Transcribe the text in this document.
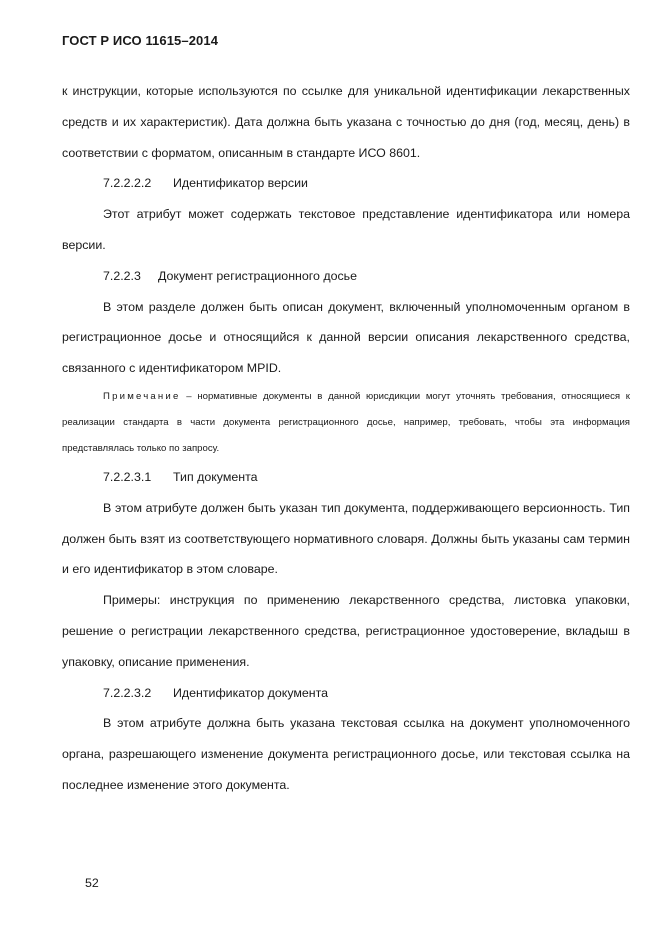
ГОСТ Р ИСО 11615–2014

к инструкции, которые используются по ссылке для уникальной идентификации лекарственных средств и их характеристик). Дата должна быть указана с точностью до дня (год, месяц, день) в соответствии с форматом, описанным в стандарте ИСО 8601.

7.2.2.2.2 Идентификатор версии

Этот атрибут может содержать текстовое представление идентификатора или номера версии.

7.2.2.3 Документ регистрационного досье

В этом разделе должен быть описан документ, включенный уполномоченным органом в регистрационное досье и относящийся к данной версии описания лекарственного средства, связанного с идентификатором MPID.

Примечание – нормативные документы в данной юрисдикции могут уточнять требования, относящиеся к реализации стандарта в части документа регистрационного досье, например, требовать, чтобы эта информация представлялась только по запросу.

7.2.2.3.1 Тип документа

В этом атрибуте должен быть указан тип документа, поддерживающего версионность. Тип должен быть взят из соответствующего нормативного словаря. Должны быть указаны сам термин и его идентификатор в этом словаре.

Примеры: инструкция по применению лекарственного средства, листовка упаковки, решение о регистрации лекарственного средства, регистрационное удостоверение, вкладыш в упаковку, описание применения.

7.2.2.3.2 Идентификатор документа

В этом атрибуте должна быть указана текстовая ссылка на документ уполномоченного органа, разрешающего изменение документа регистрационного досье, или текстовая ссылка на последнее изменение этого документа.

52
